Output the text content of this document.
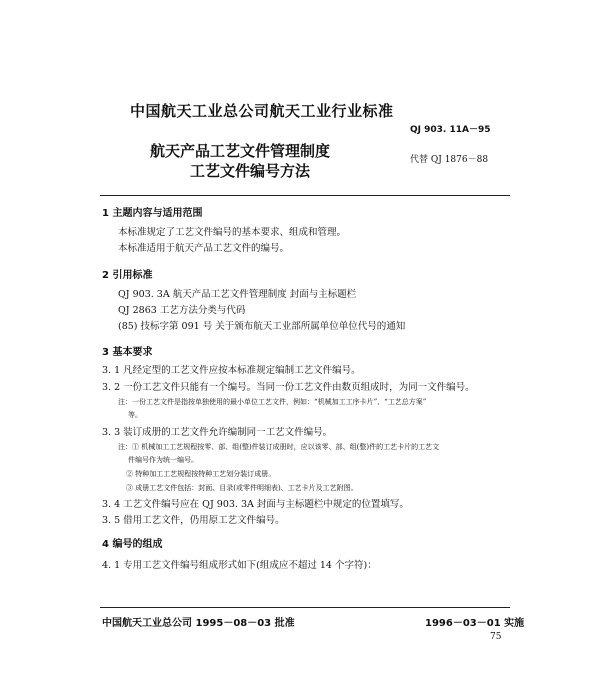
中国航天工业总公司航天工业行业标准
QJ 903. 11A－95
航天产品工艺文件管理制度
工艺文件编号方法
代替 QJ 1876－88
1 主题内容与适用范围
本标准规定了工艺文件编号的基本要求、组成和管理。
本标准适用于航天产品工艺文件的编号。
2 引用标准
QJ 903. 3A 航天产品工艺文件管理制度 封面与主标题栏
QJ 2863 工艺方法分类与代码
(85) 技标字第 091 号 关于颁布航天工业部所属单位单位代号的通知
3 基本要求
3. 1 凡经定型的工艺文件应按本标准规定编制工艺文件编号。
3. 2 一份工艺文件只能有一个编号。当同一份工艺文件由数页组成时，为同一文件编号。
注：一份工艺文件是指按单独使用的最小单位工艺文件，例如：“机械加工工序卡片”、“工艺总方案”
等。
3. 3 装订成册的工艺文件允许编制同一工艺文件编号。
注：① 机械加工工艺规程按零、部、组(整)件装订成册时，应以该零、部、组(整)件的工艺卡片的工艺文
件编号作为统一编号。
② 特种加工工艺规程按特种工艺划分装订成册。
③ 成册工艺文件包括：封面、目录(或零件明细表)、工艺卡片及工艺附图。
3. 4 工艺文件编号应在 QJ 903. 3A 封面与主标题栏中规定的位置填写。
3. 5 借用工艺文件，仍用原工艺文件编号。
4 编号的组成
4. 1 专用工艺文件编号组成形式如下(组成应不超过 14 个字符)：
中国航天工业总公司 1995－08－03 批准	1996－03－01 实施
75
